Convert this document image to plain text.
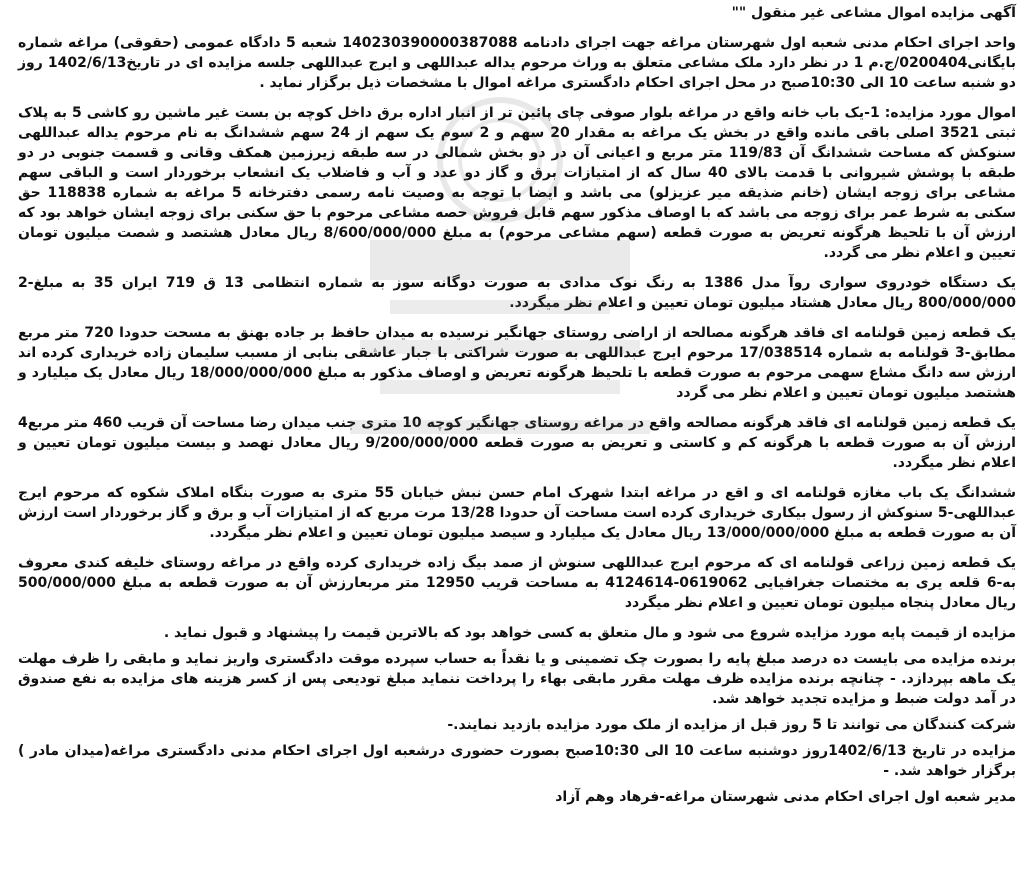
آگهی مزایده اموال مشاعی غیر منقول ""
واحد اجرای احکام مدنی شعبه اول شهرستان مراغه جهت اجرای دادنامه 140230390000387088 شعبه 5 دادگاه عمومی (حقوقی) مراغه شماره بایگانی0200404/ج.م 1 در نظر دارد ملک مشاعی متعلق به وراث مرحوم یداله عبداللهی و ایرج عبداللهی جلسه مزایده ای در تاریخ1402/6/13 روز دو شنبه ساعت 10 الی 10:30صبح در محل اجرای احکام دادگستری مراغه اموال با مشخصات ذیل برگزار نماید .
اموال مورد مزایده: 1-یک باب خانه واقع در مراغه بلوار صوفی چای پائین تر از انبار اداره برق داخل کوچه بن بست غیر ماشین رو کاشی 5 به پلاک ثبتی 3521 اصلی باقی مانده واقع در بخش یک مراغه به مقدار 20 سهم و 2 سوم یک سهم از 24 سهم ششدانگ به نام مرحوم یداله عبداللهی سنوکش که مساحت ششدانگ آن 119/83 متر مربع و اعیانی آن در دو بخش شمالی در سه طبقه زیرزمین همکف وقانی و قسمت جنوبی در دو طبقه با پوشش شیروانی با قدمت بالای 40 سال که از امتیازات برق و گاز دو عدد و آب و فاضلاب یک انشعاب برخوردار است و الباقی سهم مشاعی برای زوجه ایشان (خانم ضذیقه میر عزیزلو) می باشد و ایضا با توجه به وصیت نامه رسمی دفترخانه 5 مراغه به شماره 118838 حق سکنی به شرط عمر برای زوجه می باشد که با اوصاف مذکور سهم قابل فروش حصه مشاعی مرحوم با حق سکنی برای زوجه ایشان خواهد بود که ارزش آن با تلحیظ هرگونه تعریض به صورت قطعه (سهم مشاعی مرحوم) به مبلغ 8/600/000/000 ریال معادل هشتصد و شصت میلیون تومان تعیین و اعلام نظر می گردد.
یک دستگاه خودروی سواری روآ مدل 1386 به رنگ نوک مدادی به صورت دوگانه سوز به شماره انتظامی 13 ق 719 ایران 35 به مبلغ-2 800/000/000 ریال معادل هشتاد میلیون تومان تعیین و اعلام نظر میگردد.
یک قطعه زمین قولنامه ای فاقد هرگونه مصالحه از اراضی روستای جهانگیر نرسیده به میدان حافظ بر جاده بهنق به مسحت حدودا 720 متر مربع مطابق-3 قولنامه به شماره 17/038514 مرحوم ایرج عبداللهی به صورت شراکتی با جبار عاشقی بنابی از مسبب سلیمان زاده خریداری کرده اند ارزش سه دانگ مشاع سهمی مرحوم به صورت قطعه با تلحیظ هرگونه تعریض و اوصاف مذکور به مبلغ 18/000/000/000 ریال معادل یک میلیارد و هشتصد میلیون تومان تعیین و اعلام نظر می گردد
یک قطعه زمین قولنامه ای فاقد هرگونه مصالحه واقع در مراغه روستای جهانگیر کوچه 10 متری جنب میدان رضا مساحت آن قریب 460 متر مربع4 ارزش آن به صورت قطعه با هرگونه کم و کاستی و تعریض به صورت قطعه 9/200/000/000 ریال معادل نهصد و بیست میلیون تومان تعیین و اعلام نظر میگردد.
ششدانگ یک باب مغازه قولنامه ای و اقع در مراغه ابتدا شهرک امام حسن نبش خیابان 55 متری به صورت بنگاه املاک شکوه که مرحوم ایرج عبداللهی-5 سنوکش از رسول بیکاری خریداری کرده است مساحت آن حدودا 13/28 مرت مربع که از امتیازات آب و برق و گاز برخوردار است ارزش آن به صورت قطعه به مبلغ 13/000/000/000 ریال معادل یک میلیارد و سیصد میلیون تومان تعیین و اعلام نظر میگردد.
یک قطعه زمین زراعی قولنامه ای که مرحوم ایرج عبداللهی سنوش از صمد بیگ زاده خریداری کرده واقع در مراغه روستای خلیفه کندی معروف به-6 قلعه یری به مختصات جغرافیایی 0619062-4124614 به مساحت قریب 12950 متر مربعارزش آن به صورت قطعه به مبلغ 500/000/000 ریال معادل پنجاه میلیون تومان تعیین و اعلام نظر میگردد
مزایده از قیمت پایه مورد مزایده شروع می شود و مال متعلق به کسی خواهد بود که بالاترین قیمت را پیشنهاد و قبول نماید .
برنده مزایده می بایست ده درصد مبلغ پایه را بصورت چک تضمینی و یا نقداً به حساب سپرده موقت دادگستری واریز نماید و مابقی را ظرف مهلت یک ماهه بپردازد. - چنانچه برنده مزایده ظرف مهلت مقرر مابقی بهاء را پرداخت ننماید مبلغ تودیعی پس از کسر هزینه های مزایده به نفع صندوق در آمد دولت ضبط و مزایده تجدید خواهد شد.
شرکت کنندگان می توانند تا 5 روز قبل از مزایده از ملک مورد مزایده بازدید نمایند.-
مزایده در تاریخ 1402/6/13روز دوشنبه ساعت 10 الی 10:30صبح بصورت حضوری درشعبه اول اجرای احکام مدنی دادگستری مراغه(میدان مادر ) برگزار خواهد شد. -
مدیر شعبه اول اجرای احکام مدنی شهرستان مراغه-فرهاد وهم آزاد
